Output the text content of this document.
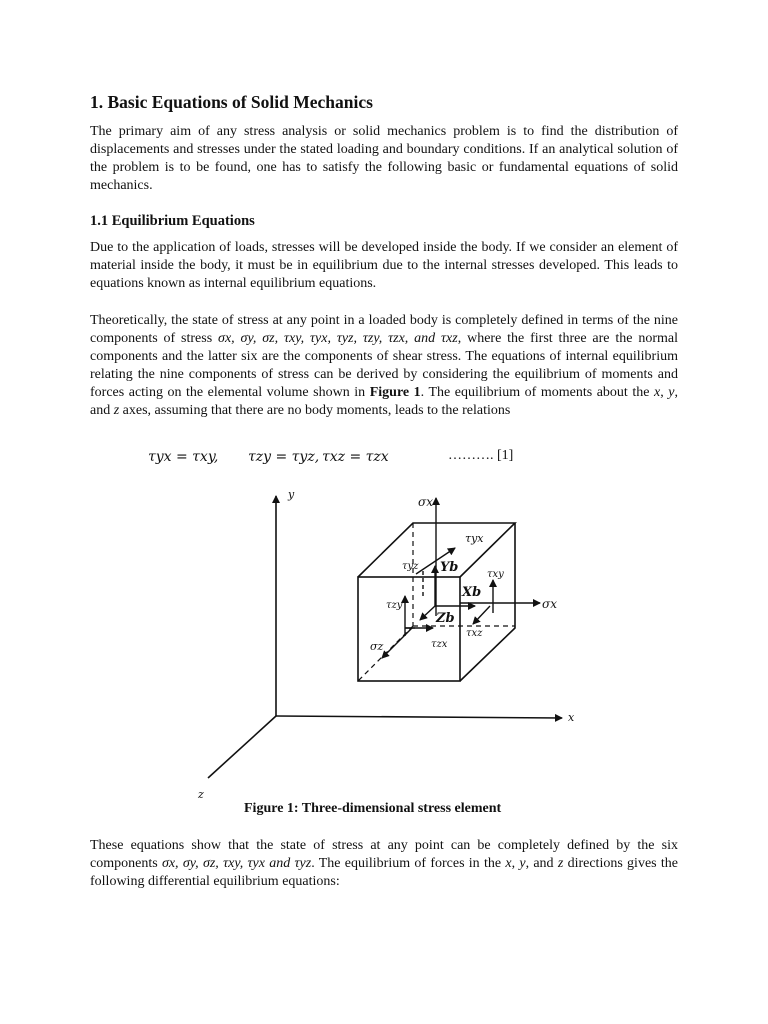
1. Basic Equations of Solid Mechanics
The primary aim of any stress analysis or solid mechanics problem is to find the distribution of displacements and stresses under the stated loading and boundary conditions. If an analytical solution of the problem is to be found, one has to satisfy the following basic or fundamental equations of solid mechanics.
1.1 Equilibrium Equations
Due to the application of loads, stresses will be developed inside the body. If we consider an element of material inside the body, it must be in equilibrium due to the internal stresses developed. This leads to equations known as internal equilibrium equations.
Theoretically, the state of stress at any point in a loaded body is completely defined in terms of the nine components of stress σx, σy, σz, τxy, τyx, τyz, τzy, τzx, and τxz, where the first three are the normal components and the latter six are the components of shear stress. The equations of internal equilibrium relating the nine components of stress can be derived by considering the equilibrium of moments and forces acting on the elemental volume shown in Figure 1. The equilibrium of moments about the x, y, and z axes, assuming that there are no body moments, leads to the relations
τyx = τxy, τzy = τyz, τxz = τzx	………. [1]
y
x
z
σx
τyx
τyz Yb	τxy
Xb
σx
τzy
Zb
τxz
σz	τzx
Figure 1: Three-dimensional stress element
These equations show that the state of stress at any point can be completely defined by the six components σx, σy, σz, τxy, τyx and τyz. The equilibrium of forces in the x, y, and z directions gives the following differential equilibrium equations:
